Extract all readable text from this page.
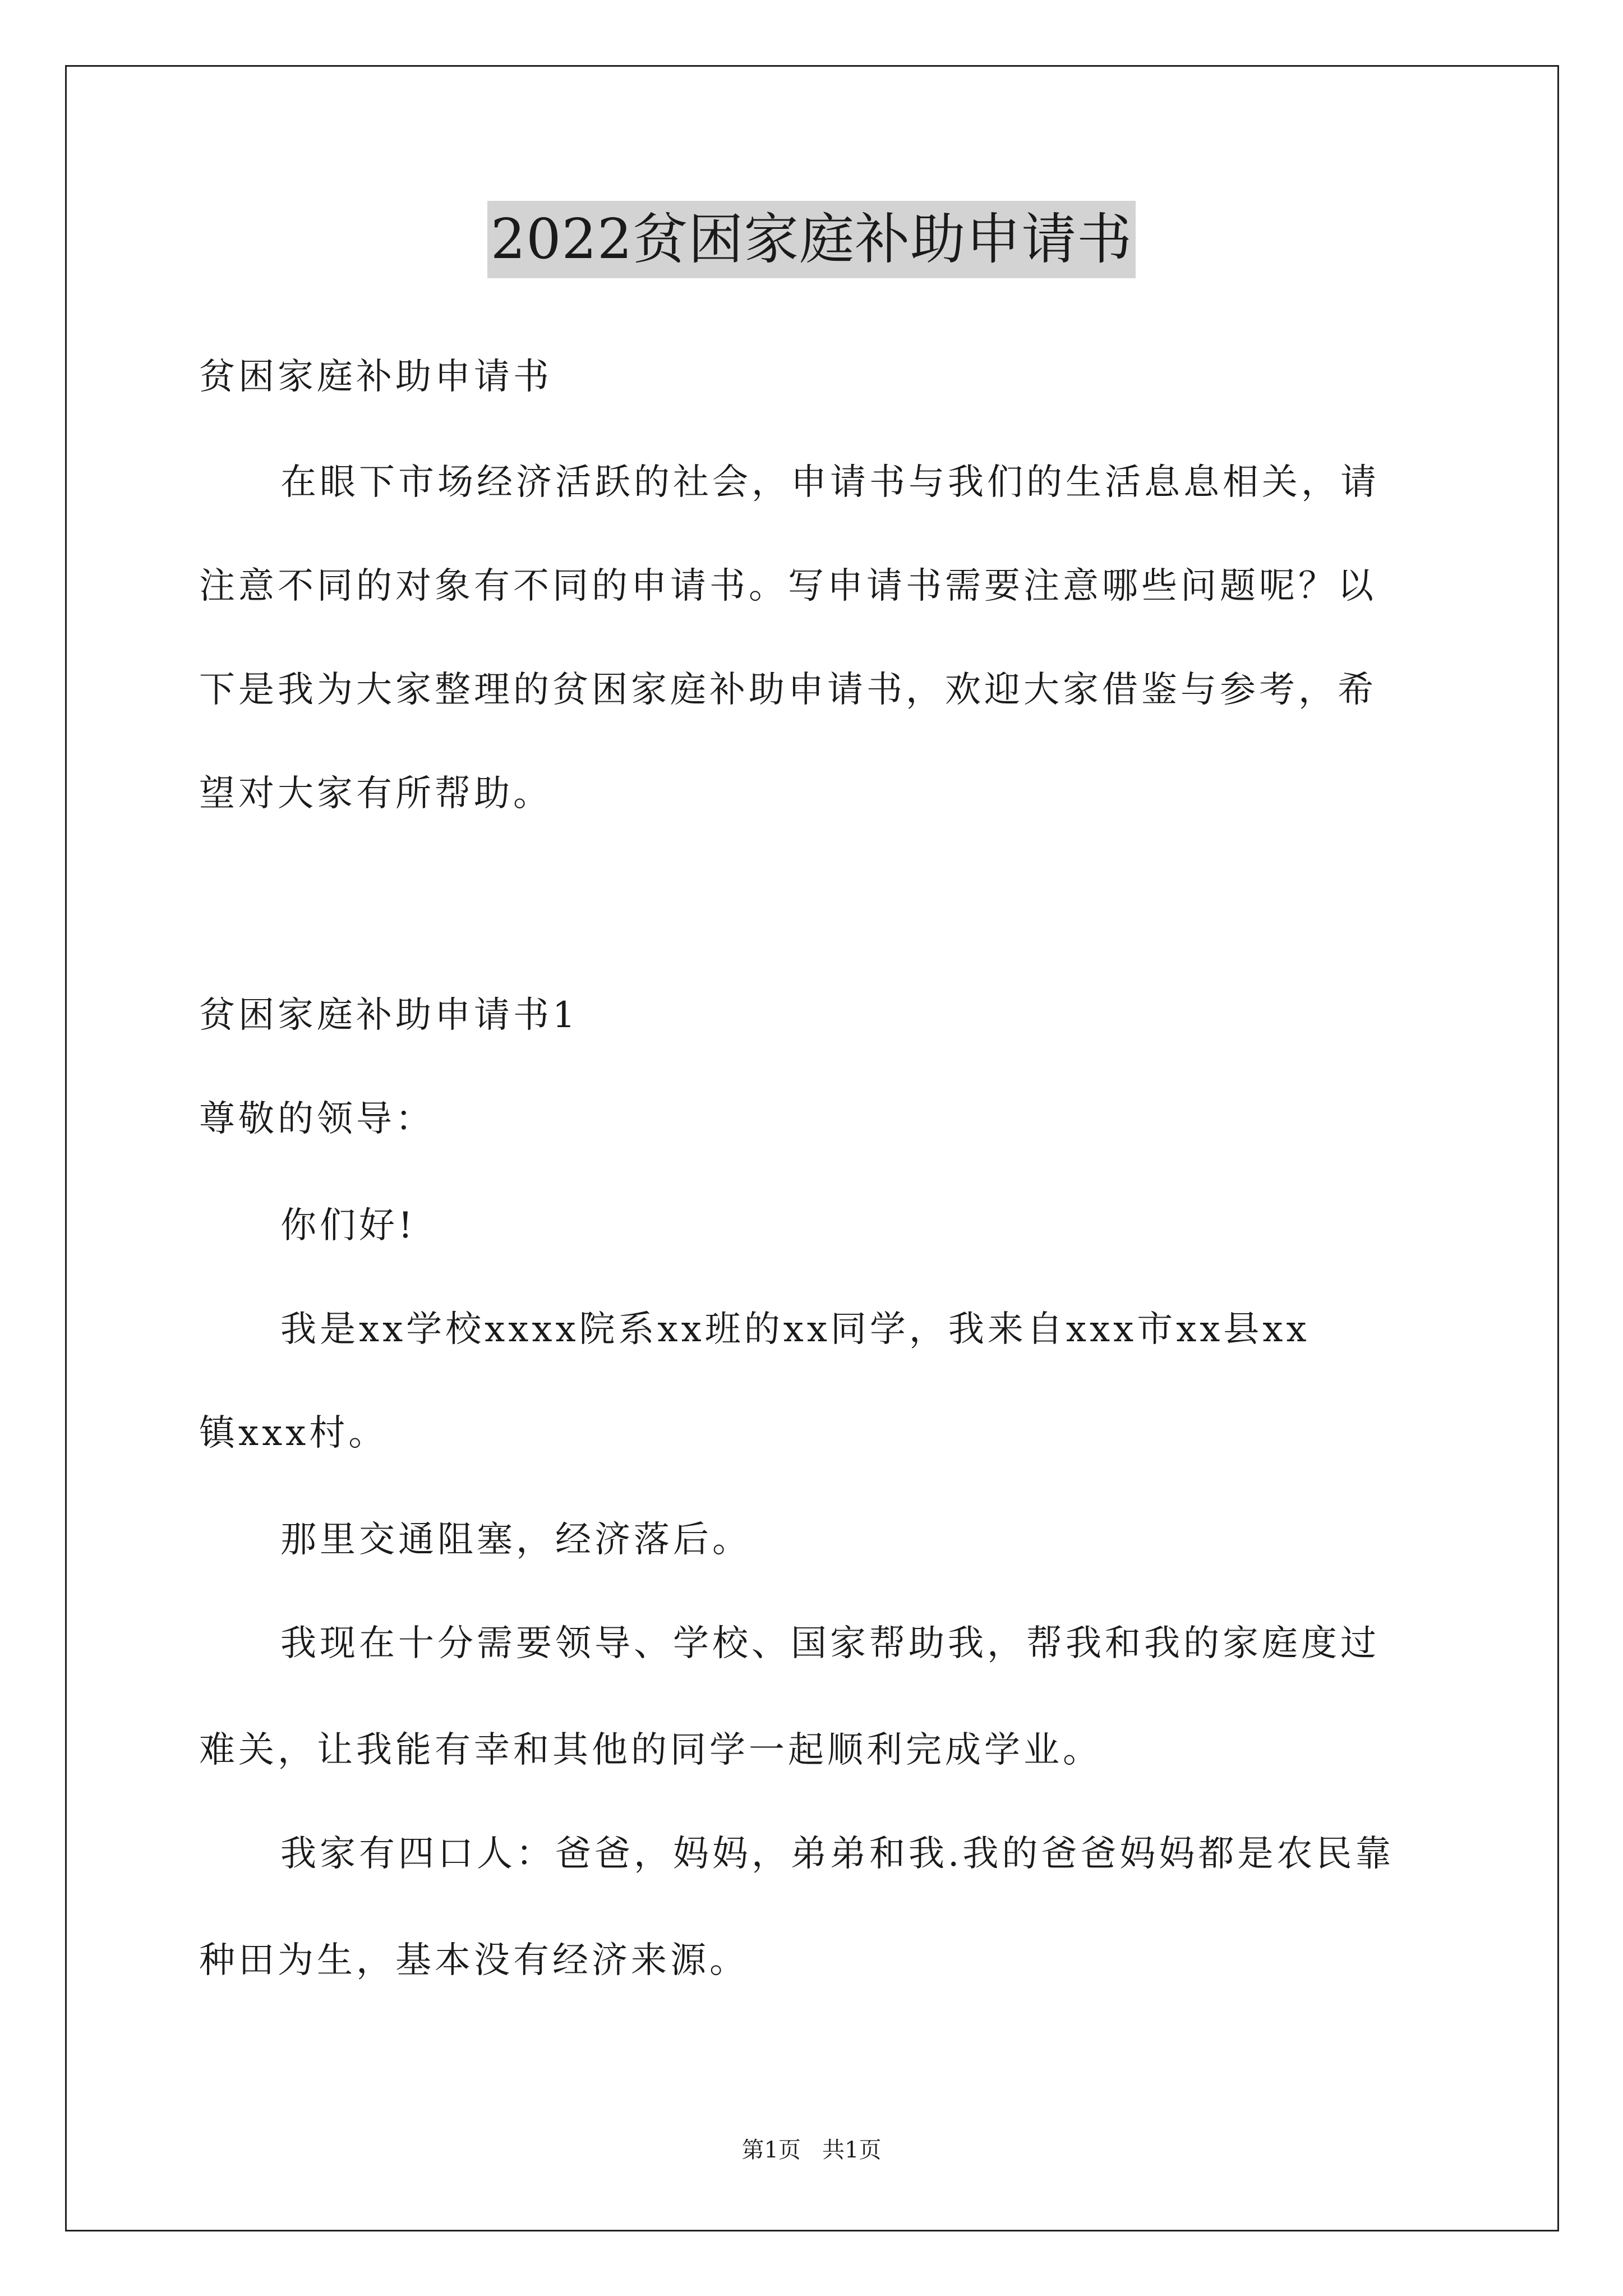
2022贫困家庭补助申请书

贫困家庭补助申请书

在眼下市场经济活跃的社会，申请书与我们的生活息息相关，请

注意不同的对象有不同的申请书。写申请书需要注意哪些问题呢？以

下是我为大家整理的贫困家庭补助申请书，欢迎大家借鉴与参考，希

望对大家有所帮助。

贫困家庭补助申请书1

尊敬的领导：

你们好!

我是xx学校xxxx院系xx班的xx同学，我来自xxx市xx县xx

镇xxx村。

那里交通阻塞，经济落后。

我现在十分需要领导、学校、国家帮助我，帮我和我的家庭度过

难关，让我能有幸和其他的同学一起顺利完成学业。

我家有四口人：爸爸，妈妈，弟弟和我.我的爸爸妈妈都是农民靠

种田为生，基本没有经济来源。

第1页   共1页
